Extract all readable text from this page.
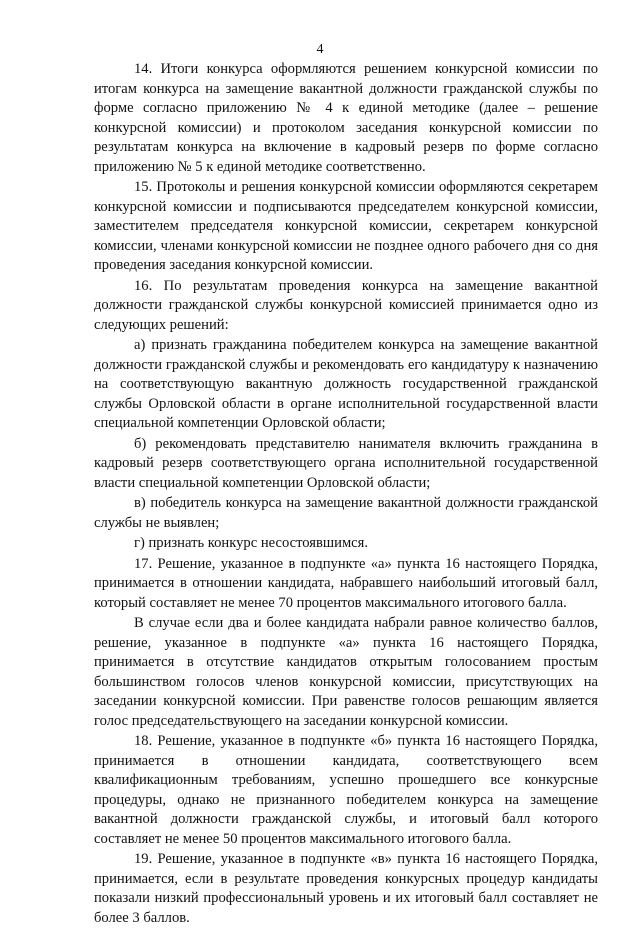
4

14. Итоги конкурса оформляются решением конкурсной комиссии по итогам конкурса на замещение вакантной должности гражданской службы по форме согласно приложению № 4 к единой методике (далее – решение конкурсной комиссии) и протоколом заседания конкурсной комиссии по результатам конкурса на включение в кадровый резерв по форме согласно приложению № 5 к единой методике соответственно.

15. Протоколы и решения конкурсной комиссии оформляются секретарем конкурсной комиссии и подписываются председателем конкурсной комиссии, заместителем председателя конкурсной комиссии, секретарем конкурсной комиссии, членами конкурсной комиссии не позднее одного рабочего дня со дня проведения заседания конкурсной комиссии.

16. По результатам проведения конкурса на замещение вакантной должности гражданской службы конкурсной комиссией принимается одно из следующих решений:

а) признать гражданина победителем конкурса на замещение вакантной должности гражданской службы и рекомендовать его кандидатуру к назначению на соответствующую вакантную должность государственной гражданской службы Орловской области в органе исполнительной государственной власти специальной компетенции Орловской области;

б) рекомендовать представителю нанимателя включить гражданина в кадровый резерв соответствующего органа исполнительной государственной власти специальной компетенции Орловской области;

в) победитель конкурса на замещение вакантной должности гражданской службы не выявлен;

г) признать конкурс несостоявшимся.

17. Решение, указанное в подпункте «а» пункта 16 настоящего Порядка, принимается в отношении кандидата, набравшего наибольший итоговый балл, который составляет не менее 70 процентов максимального итогового балла.

В случае если два и более кандидата набрали равное количество баллов, решение, указанное в подпункте «а» пункта 16 настоящего Порядка, принимается в отсутствие кандидатов открытым голосованием простым большинством голосов членов конкурсной комиссии, присутствующих на заседании конкурсной комиссии. При равенстве голосов решающим является голос председательствующего на заседании конкурсной комиссии.

18. Решение, указанное в подпункте «б» пункта 16 настоящего Порядка, принимается в отношении кандидата, соответствующего всем квалификационным требованиям, успешно прошедшего все конкурсные процедуры, однако не признанного победителем конкурса на замещение вакантной должности гражданской службы, и итоговый балл которого составляет не менее 50 процентов максимального итогового балла.

19. Решение, указанное в подпункте «в» пункта 16 настоящего Порядка, принимается, если в результате проведения конкурсных процедур кандидаты показали низкий профессиональный уровень и их итоговый балл составляет не более 3 баллов.
